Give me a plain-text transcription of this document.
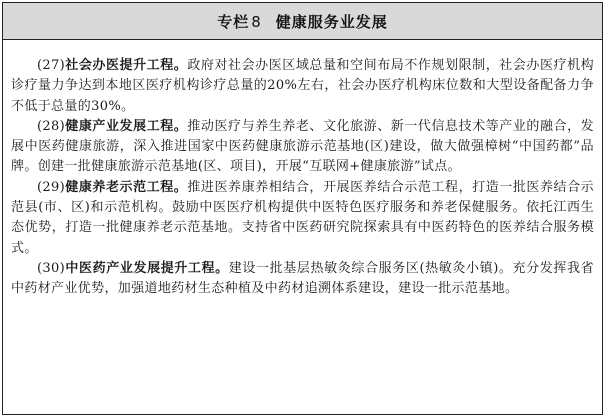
专栏 8 健康服务业发展

(27)社会办医提升工程。政府对社会办医区域总量和空间布局不作规划限制，社会办医疗机构诊疗量力争达到本地区医疗机构诊疗总量的20%左右，社会办医疗机构床位数和大型设备配备力争不低于总量的30%。

(28)健康产业发展工程。推动医疗与养生养老、文化旅游、新一代信息技术等产业的融合，发展中医药健康旅游，深入推进国家中医药健康旅游示范基地(区)建设，做大做强樟树“中国药都”品牌。创建一批健康旅游示范基地(区、项目)，开展“互联网+健康旅游”试点。

(29)健康养老示范工程。推进医养康养相结合，开展医养结合示范工程，打造一批医养结合示范县(市、区)和示范机构。鼓励中医医疗机构提供中医特色医疗服务和养老保健服务。依托江西生态优势，打造一批健康养老示范基地。支持省中医药研究院探索具有中医药特色的医养结合服务模式。

(30)中医药产业发展提升工程。建设一批基层热敏灸综合服务区(热敏灸小镇)。充分发挥我省中药材产业优势，加强道地药材生态种植及中药材追溯体系建设，建设一批示范基地。
